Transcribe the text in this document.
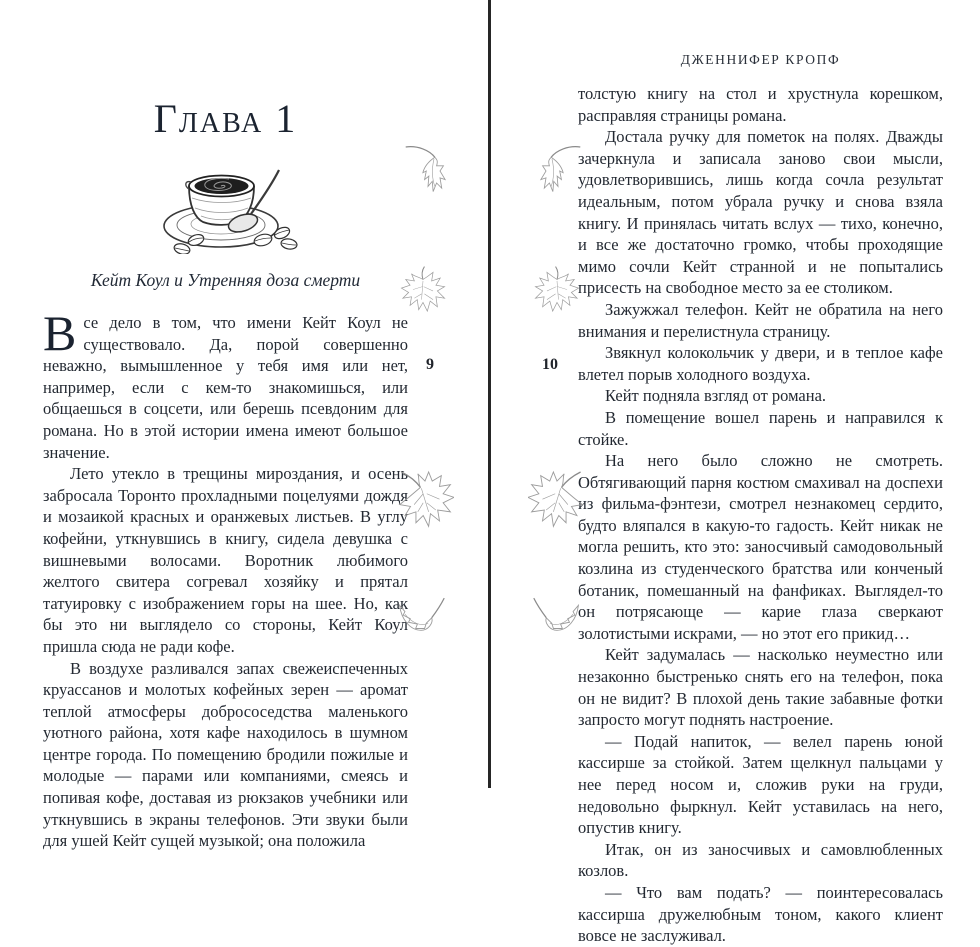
Глава 1
Кейт Коул и Утренняя доза смерти

Все дело в том, что имени Кейт Коул не существовало. Да, порой совершенно неважно, вымышленное у тебя имя или нет, например, если с кем-то знакомишься, или общаешься в соцсети, или берешь псевдоним для романа. Но в этой истории имена имеют большое значение.

Лето утекло в трещины мироздания, и осень забросала Торонто прохладными поцелуями дождя и мозаикой красных и оранжевых листьев. В углу кофейни, уткнувшись в книгу, сидела девушка с вишневыми волосами. Воротник любимого желтого свитера согревал хозяйку и прятал татуировку с изображением горы на шее. Но, как бы это ни выглядело со стороны, Кейт Коул пришла сюда не ради кофе.

В воздухе разливался запах свежеиспеченных круассанов и молотых кофейных зерен — аромат теплой атмосферы добрососедства маленького уютного района, хотя кафе находилось в шумном центре города. По помещению бродили пожилые и молодые — парами или компаниями, смеясь и попивая кофе, доставая из рюкзаков учебники или уткнувшись в экраны телефонов. Эти звуки были для ушей Кейт сущей музыкой; она положила

ДЖЕННИФЕР КРОПФ

толстую книгу на стол и хрустнула корешком, расправляя страницы романа.

Достала ручку для пометок на полях. Дважды зачеркнула и записала заново свои мысли, удовлетворившись, лишь когда сочла результат идеальным, потом убрала ручку и снова взяла книгу. И принялась читать вслух — тихо, конечно, и все же достаточно громко, чтобы проходящие мимо сочли Кейт странной и не попытались присесть на свободное место за ее столиком.

Зажужжал телефон. Кейт не обратила на него внимания и перелистнула страницу.

Звякнул колокольчик у двери, и в теплое кафе влетел порыв холодного воздуха.

Кейт подняла взгляд от романа.

В помещение вошел парень и направился к стойке.

На него было сложно не смотреть. Обтягивающий парня костюм смахивал на доспехи из фильма-фэнтези, смотрел незнакомец сердито, будто вляпался в какую-то гадость. Кейт никак не могла решить, кто это: заносчивый самодовольный козлина из студенческого братства или конченый ботаник, помешанный на фанфиках. Выглядел-то он потрясающе — карие глаза сверкают золотистыми искрами, — но этот его прикид…

Кейт задумалась — насколько неуместно или незаконно быстренько снять его на телефон, пока он не видит? В плохой день такие забавные фотки запросто могут поднять настроение.

— Подай напиток, — велел парень юной кассирше за стойкой. Затем щелкнул пальцами у нее перед носом и, сложив руки на груди, недовольно фыркнул. Кейт уставилась на него, опустив книгу.

Итак, он из заносчивых и самовлюбленных козлов.

— Что вам подать? — поинтересовалась кассирша дружелюбным тоном, какого клиент вовсе не заслуживал.

9	10
